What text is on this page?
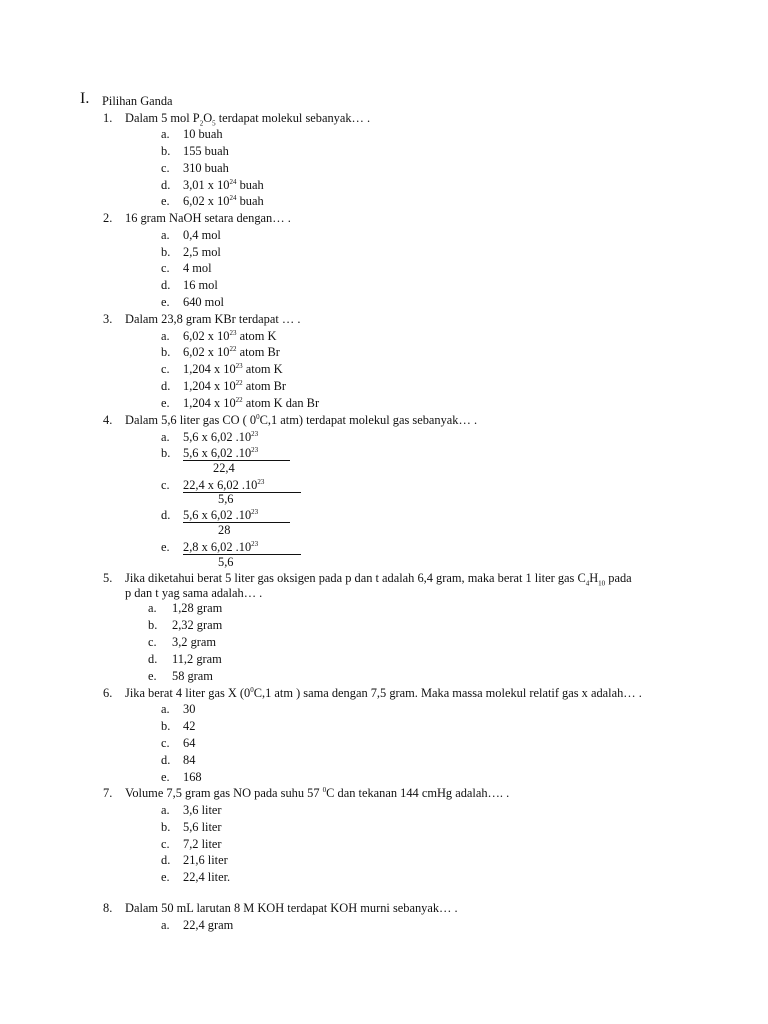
I. Pilihan Ganda
1. Dalam 5 mol $P_2O_5$ terdapat molekul sebanyak… .
a. 10 buah
b. 155 buah
c. 310 buah
d. 3,01 x $10^{24}$ buah
e. 6,02 x $10^{24}$ buah
2. 16 gram NaOH setara dengan… .
a. 0,4 mol
b. 2,5 mol
c. 4 mol
d. 16 mol
e. 640 mol
3. Dalam 23,8 gram KBr terdapat … .
a. 6,02 x $10^{23}$ atom K
b. 6,02 x $10^{22}$ atom Br
c. 1,204 x $10^{23}$ atom K
d. 1,204 x $10^{22}$ atom Br
e. 1,204 x $10^{22}$ atom K dan Br
4. Dalam 5,6 liter gas CO ( $0^0C,1$ atm) terdapat molekul gas sebanyak… .
a. 5,6 x 6,02 $.10^{23}$
b. 5,6 x 6,02 $.10^{23}$
22,4
c. 22,4 x 6,02 $.10^{23}$
5,6
d. 5,6 x 6,02 $.10^{23}$
28
e. 2,8 x 6,02 $.10^{23}$
5,6
5. Jika diketahui berat 5 liter gas oksigen pada p dan t adalah 6,4 gram, maka berat 1 liter gas $C_4H_{10}$ pada
p dan t yag sama adalah… .
a. 1,28 gram
b. 2,32 gram
c. 3,2 gram
d. 11,2 gram
e. 58 gram
6. Jika berat 4 liter gas X ($0^0C,1$ atm ) sama dengan 7,5 gram. Maka massa molekul relatif gas x adalah… .
a. 30
b. 42
c. 64
d. 84
e. 168
7. Volume 7,5 gram gas NO pada suhu 57 $^0$C dan tekanan 144 cmHg adalah…. .
a. 3,6 liter
b. 5,6 liter
c. 7,2 liter
d. 21,6 liter
e. 22,4 liter.
8. Dalam 50 mL larutan 8 M KOH terdapat KOH murni sebanyak… .
a. 22,4 gram
